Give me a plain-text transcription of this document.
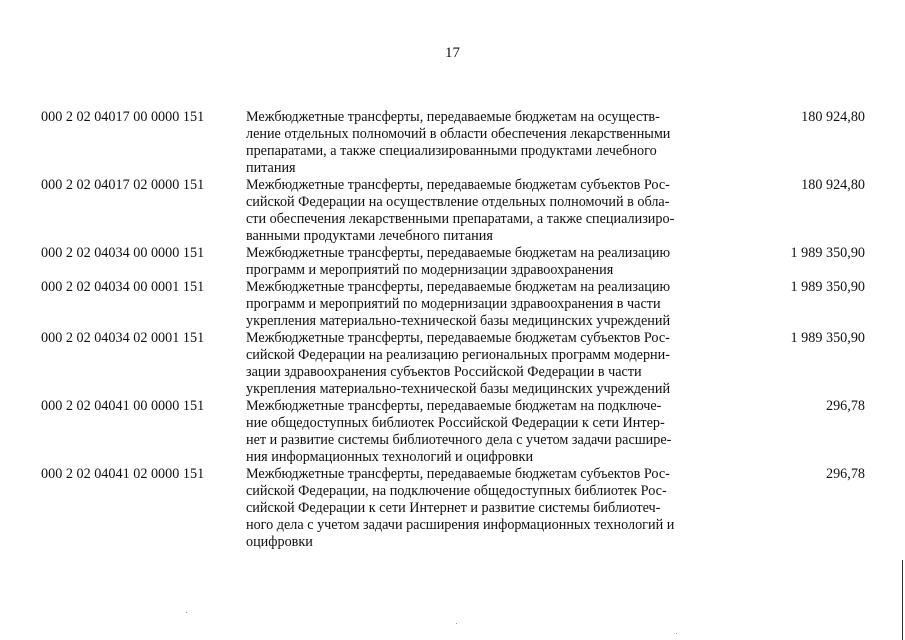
17
000 2 02 04017 00 0000 151	Межбюджетные трансферты, передаваемые бюджетам на осуществ-
ление отдельных полномочий в области обеспечения лекарственными
препаратами, а также специализированными продуктами лечебного
питания
180 924,80
000 2 02 04017 02 0000 151	Межбюджетные трансферты, передаваемые бюджетам субъектов Рос-
сийской Федерации на осуществление отдельных полномочий в обла-
сти обеспечения лекарственными препаратами, а также специализиро-
ванными продуктами лечебного питания
180 924,80
000 2 02 04034 00 0000 151	Межбюджетные трансферты, передаваемые бюджетам на реализацию
программ и мероприятий по модернизации здравоохранения
1 989 350,90
000 2 02 04034 00 0001 151	Межбюджетные трансферты, передаваемые бюджетам на реализацию
программ и мероприятий по модернизации здравоохранения в части
укрепления материально-технической базы медицинских учреждений
1 989 350,90
000 2 02 04034 02 0001 151	Межбюджетные трансферты, передаваемые бюджетам субъектов Рос-
сийской Федерации на реализацию региональных программ модерни-
зации здравоохранения субъектов Российской Федерации в части
укрепления материально-технической базы медицинских учреждений
1 989 350,90
000 2 02 04041 00 0000 151	Межбюджетные трансферты, передаваемые бюджетам на подключе-
ние общедоступных библиотек Российской Федерации к сети Интер-
нет и развитие системы библиотечного дела с учетом задачи расшире-
ния информационных технологий и оцифровки
296,78
000 2 02 04041 02 0000 151	Межбюджетные трансферты, передаваемые бюджетам субъектов Рос-
сийской Федерации, на подключение общедоступных библиотек Рос-
сийской Федерации к сети Интернет и развитие системы библиотеч-
ного дела с учетом задачи расширения информационных технологий и
оцифровки
296,78
